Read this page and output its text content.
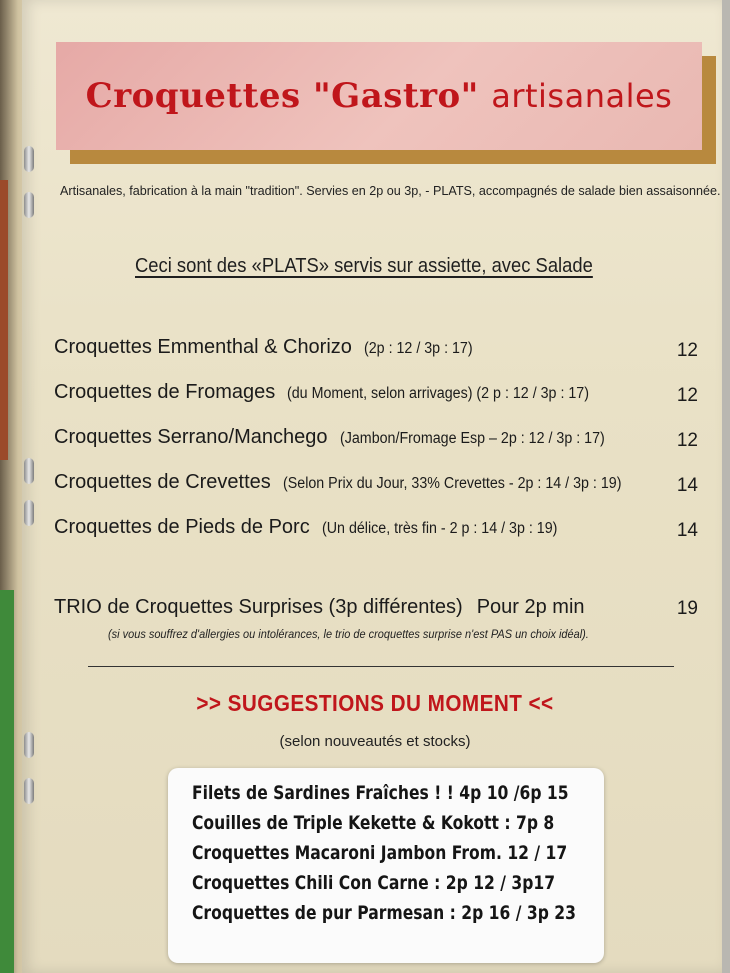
Croquettes "Gastro" artisanales
Artisanales, fabrication à la main "tradition". Servies en 2p ou 3p, - PLATS, accompagnés de salade bien assaisonnée.
Ceci sont des «PLATS» servis sur assiette, avec Salade
Croquettes Emmenthal & Chorizo (2p : 12 / 3p : 17)	12
Croquettes de Fromages (du Moment, selon arrivages) (2 p : 12 / 3p : 17)	12
Croquettes Serrano/Manchego (Jambon/Fromage Esp – 2p : 12 / 3p : 17)	12
Croquettes de Crevettes (Selon Prix du Jour, 33% Crevettes - 2p : 14 / 3p : 19)	14
Croquettes de Pieds de Porc (Un délice, très fin - 2 p : 14 / 3p : 19)	14
TRIO de Croquettes Surprises (3p différentes) Pour 2p min	19
(si vous souffrez d'allergies ou intolérances, le trio de croquettes surprise n'est PAS un choix idéal).
>> SUGGESTIONS DU MOMENT <<
(selon nouveautés et stocks)
Filets de Sardines Fraîches ! ! 4p 10 /6p 15
Couilles de Triple Kekette & Kokott : 7p 8
Croquettes Macaroni Jambon From. 12 / 17
Croquettes Chili Con Carne : 2p 12 / 3p17
Croquettes de pur Parmesan : 2p 16 / 3p 23
